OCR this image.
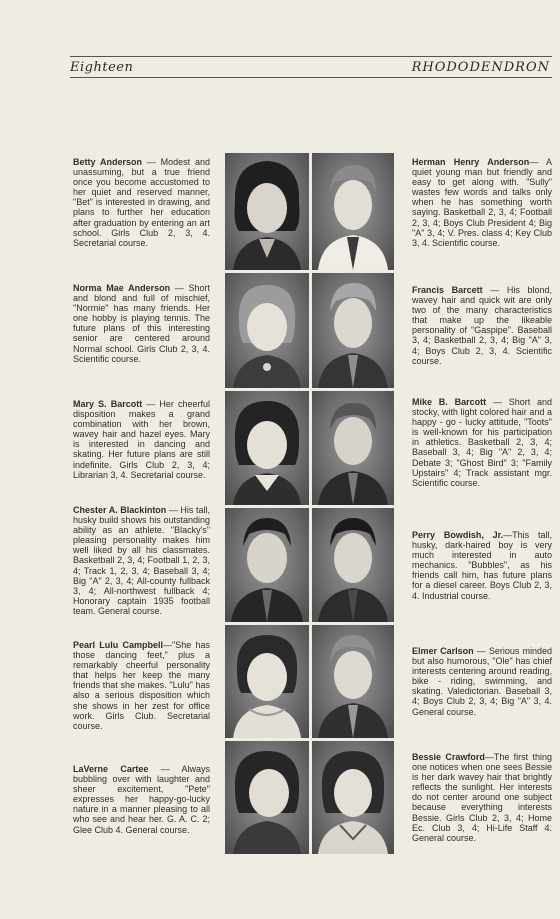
Eighteen	RHODODENDRON
Betty Anderson — Modest and unassuming, but a true friend once you become accustomed to her quiet and reserved manner, "Bet" is interested in drawing, and plans to further her education after graduation by entering an art school. Girls Club 2, 3, 4. Secretarial course.
Norma Mae Anderson — Short and blond and full of mischief, "Normie" has many friends. Her one hobby is playing tennis. The future plans of this interesting senior are centered around Normal school. Girls Club 2, 3, 4. Scientific course.
Mary S. Barcott — Her cheerful disposition makes a grand combination with her brown, wavey hair and hazel eyes. Mary is interested in dancing and skating. Her future plans are still indefinite. Girls Club 2, 3, 4; Librarian 3, 4. Secretarial course.
Chester A. Blackinton — His tall, husky build shows his outstanding ability as an athlete. "Blacky's" pleasing personality makes him well liked by all his classmates. Basketball 2, 3, 4; Football 1, 2, 3, 4; Track 1, 2, 3, 4; Baseball 3, 4; Big "A" 2, 3, 4; All-county fullback 3, 4; All-northwest fullback 4; Honorary captain 1935 football team. General course.
Pearl Lulu Campbell—"She has those dancing feet," plus a remarkably cheerful personality that helps her keep the many friends that she makes. "Lulu" has also a serious disposition which she shows in her zest for office work. Girls Club. Secretarial course.
LaVerne Cartee — Always bubbling over with laughter and sheer excitement, "Pete" expresses her happy-go-lucky nature in a manner pleasing to all who see and hear her. G. A. C. 2; Glee Club 4. General course.
Herman Henry Anderson— A quiet young man but friendly and easy to get along with. "Sully" wastes few words and talks only when he has something worth saying. Basketball 2, 3, 4; Football 2, 3, 4; Boys Club President 4; Big "A" 3, 4; V. Pres. class 4; Key Club 3, 4. Scientific course.
Francis Barcett — His blond, wavey hair and quick wit are only two of the many characteristics that make up the likeable personality of "Gaspipe". Baseball 3, 4; Basketball 2, 3, 4; Big "A" 3, 4; Boys Club 2, 3, 4. Scientific course.
Mike B. Barcott — Short and stocky, with light colored hair and a happy - go - lucky attitude, "Toots" is well-known for his participation in athletics. Basketball 2, 3, 4; Baseball 3, 4; Big "A" 2, 3, 4; Debate 3; "Ghost Bird" 3; "Family Upstairs" 4; Track assistant mgr. Scientific course.
Perry Bowdish, Jr.—This tall, husky, dark-haired boy is very much interested in auto mechanics. "Bubbles", as his friends call him, has future plans for a diesel career. Boys Club 2, 3, 4. Industrial course.
Elmer Carlson — Serious minded but also humorous, "Ole" has chief interests centering around reading, bike - riding, swimming, and skating. Valedictorian. Baseball 3, 4; Boys Club 2, 3, 4; Big "A" 3, 4. General course.
Bessie Crawford—The first thing one notices when one sees Bessie is her dark wavey hair that brightly reflects the sunlight. Her interests do not center around one subject because everything interests Bessie. Girls Club 2, 3, 4; Home Ec. Club 3, 4; Hi-Life Staff 4. General course.
